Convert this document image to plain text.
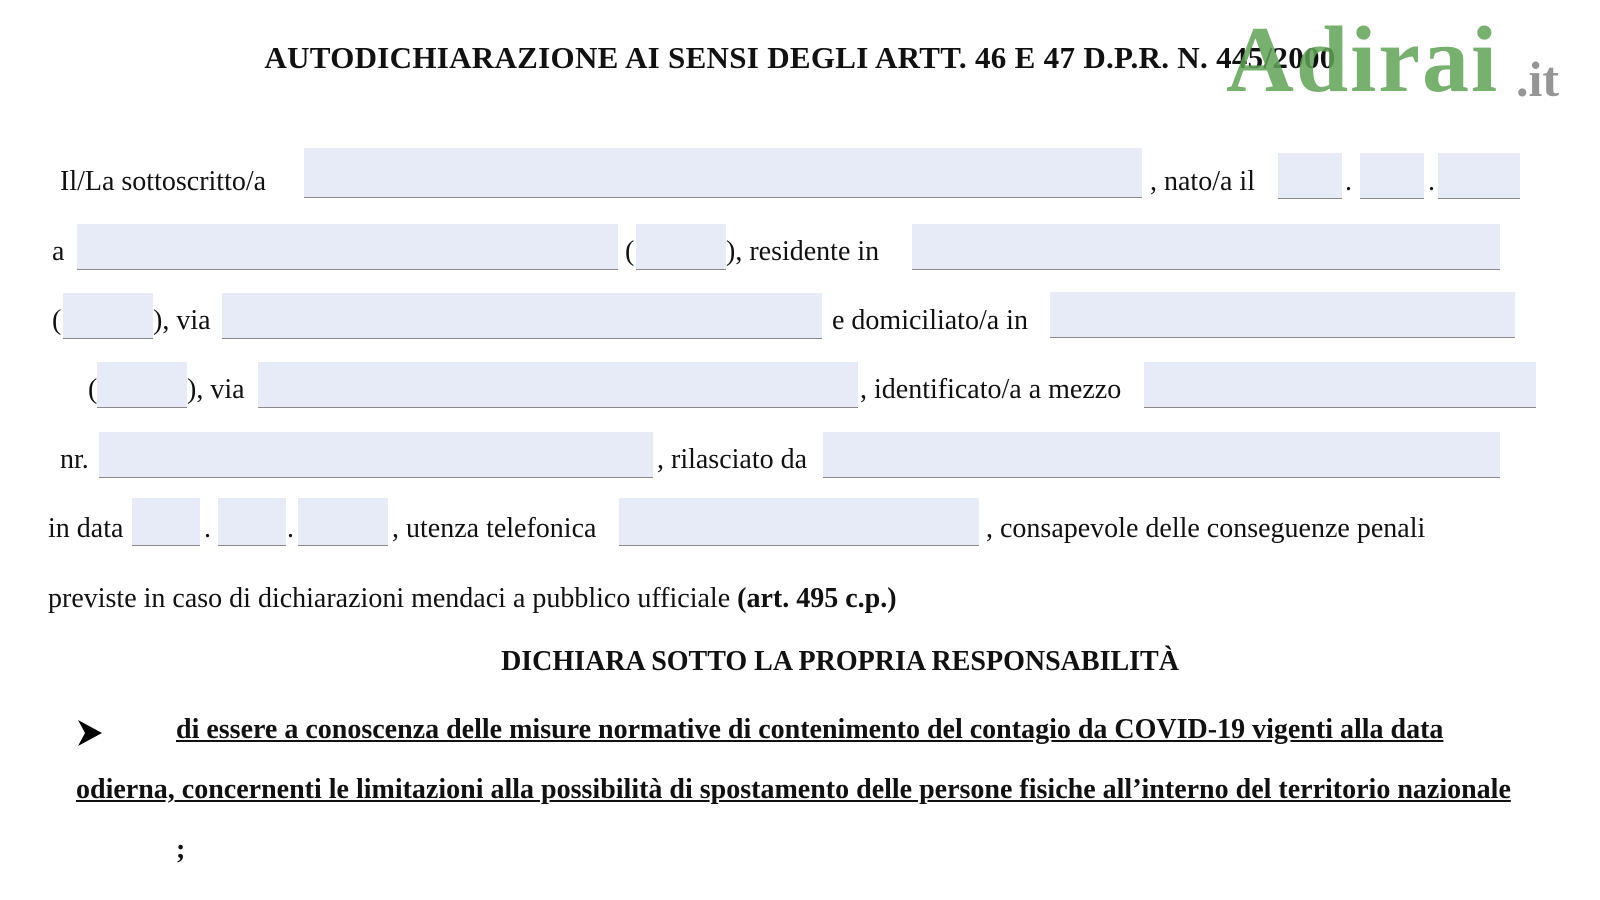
AUTODICHIARAZIONE AI SENSI DEGLI ARTT. 46 E 47 D.P.R. N. 445/2000
Adirai .it
Il/La sottoscritto/a	, nato/a il	.	.
a	(	), residente in
(	), via	e domiciliato/a in
(	), via	, identificato/a a mezzo
nr.	, rilasciato da
in data	.	.	, utenza telefonica	, consapevole delle conseguenze penali
previste in caso di dichiarazioni mendaci a pubblico ufficiale (art. 495 c.p.)
DICHIARA SOTTO LA PROPRIA RESPONSABILITÀ

di essere a conoscenza delle misure normative di contenimento del contagio da COVID-19 vigenti alla data odierna, concernenti le limitazioni alla possibilità di spostamento delle persone fisiche all’interno del territorio nazionale;
